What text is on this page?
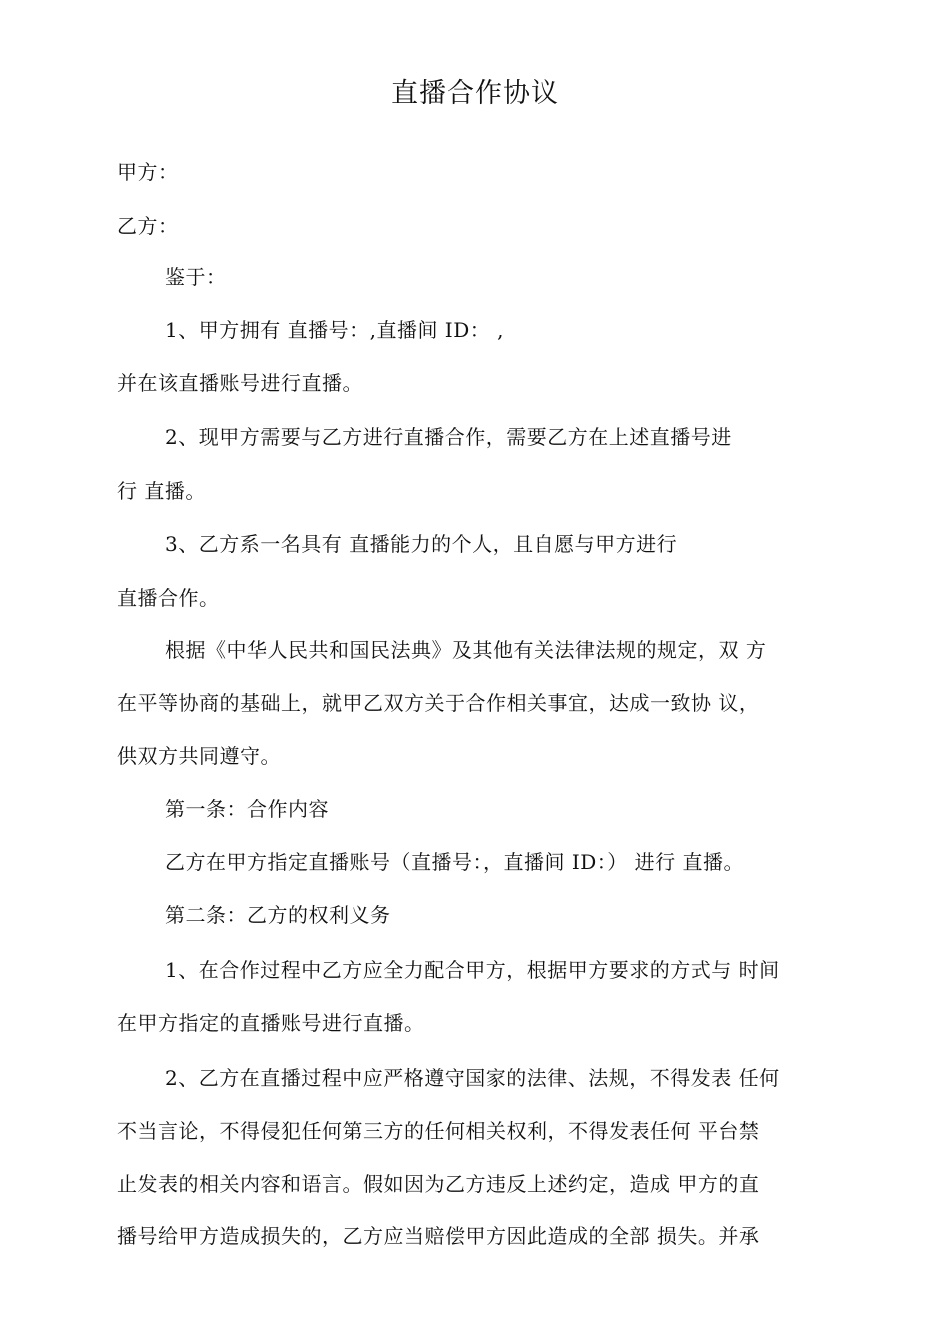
直播合作协议
甲方：
乙方：
鉴于：
1、甲方拥有 直播号：,直播间 ID： ,
并在该直播账号进行直播。
2、现甲方需要与乙方进行直播合作，需要乙方在上述直播号进
行 直播。
3、乙方系一名具有 直播能力的个人，且自愿与甲方进行
直播合作。
根据《中华人民共和国民法典》及其他有关法律法规的规定，双 方
在平等协商的基础上，就甲乙双方关于合作相关事宜，达成一致协 议，
供双方共同遵守。
第一条：合作内容
乙方在甲方指定直播账号（直播号：，直播间 ID：） 进行 直播。
第二条：乙方的权利义务
1、在合作过程中乙方应全力配合甲方，根据甲方要求的方式与 时间
在甲方指定的直播账号进行直播。
2、乙方在直播过程中应严格遵守国家的法律、法规，不得发表 任何
不当言论，不得侵犯任何第三方的任何相关权利，不得发表任何 平台禁
止发表的相关内容和语言。假如因为乙方违反上述约定，造成 甲方的直
播号给甲方造成损失的，乙方应当赔偿甲方因此造成的全部 损失。并承
